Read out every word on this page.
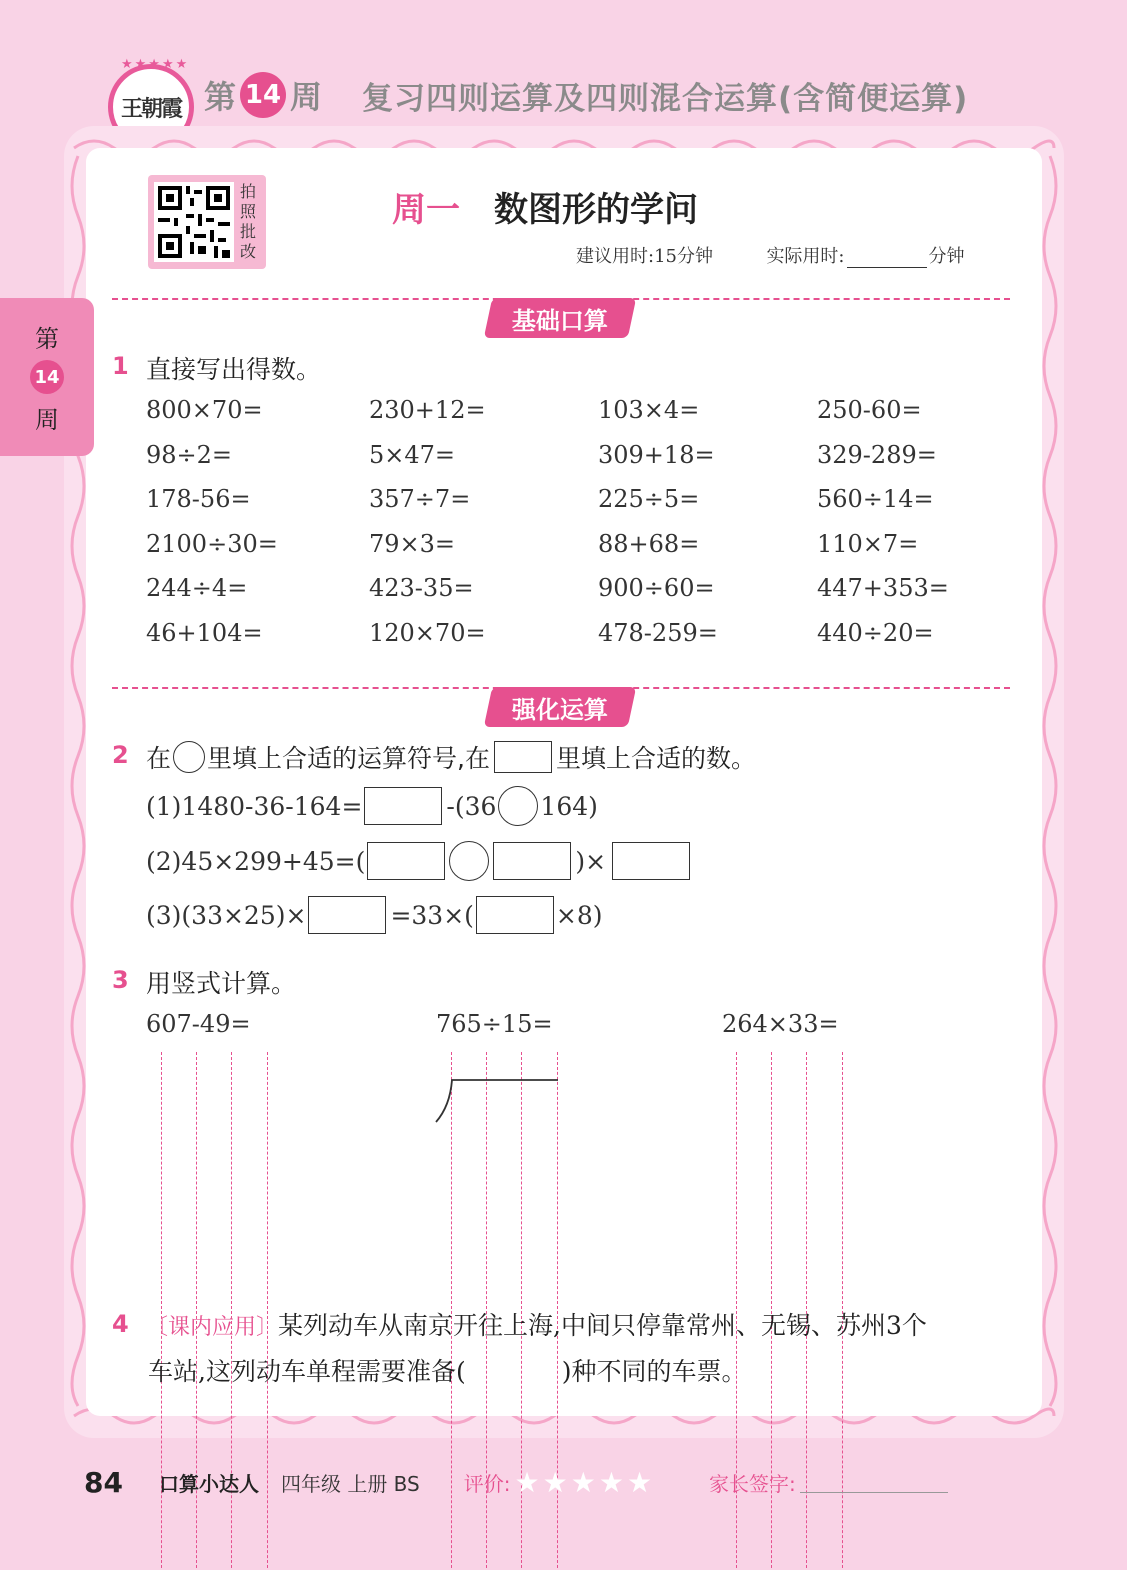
★★★★★
王朝霞 第 14 周 复习四则运算及四则混合运算(含简便运算)
第
14
周
拍
照
批
改
周一 数图形的学问
建议用时:15分钟	实际用时:	分钟
基础口算
1 直接写出得数。
800×70=	230+12=	103×4=	250-60=
98÷2=	5×47=	309+18=	329-289=
178-56=	357÷7=	225÷5=	560÷14=
2100÷30=	79×3=	88+68=	110×7=
244÷4=	423-35=	900÷60=	447+353=
46+104=	120×70=	478-259=	440÷20=
强化运算
2 在 里填上合适的运算符号,在	里填上合适的数。
(1)1480-36-164=	-(36 164)
(2)45×299+45=(	)×
(3)(33×25)×	=33×(	×8)
3 用竖式计算。
607-49=	765÷15=	264×33=
4 〔课内应用〕某列动车从南京开往上海,中间只停靠常州、无锡、苏州3个
车站,这列动车单程需要准备(	)种不同的车票。
84 口算小达人 四年级 上册 BS 评价: ★ ★ ★ ★ ★	家长签字:
